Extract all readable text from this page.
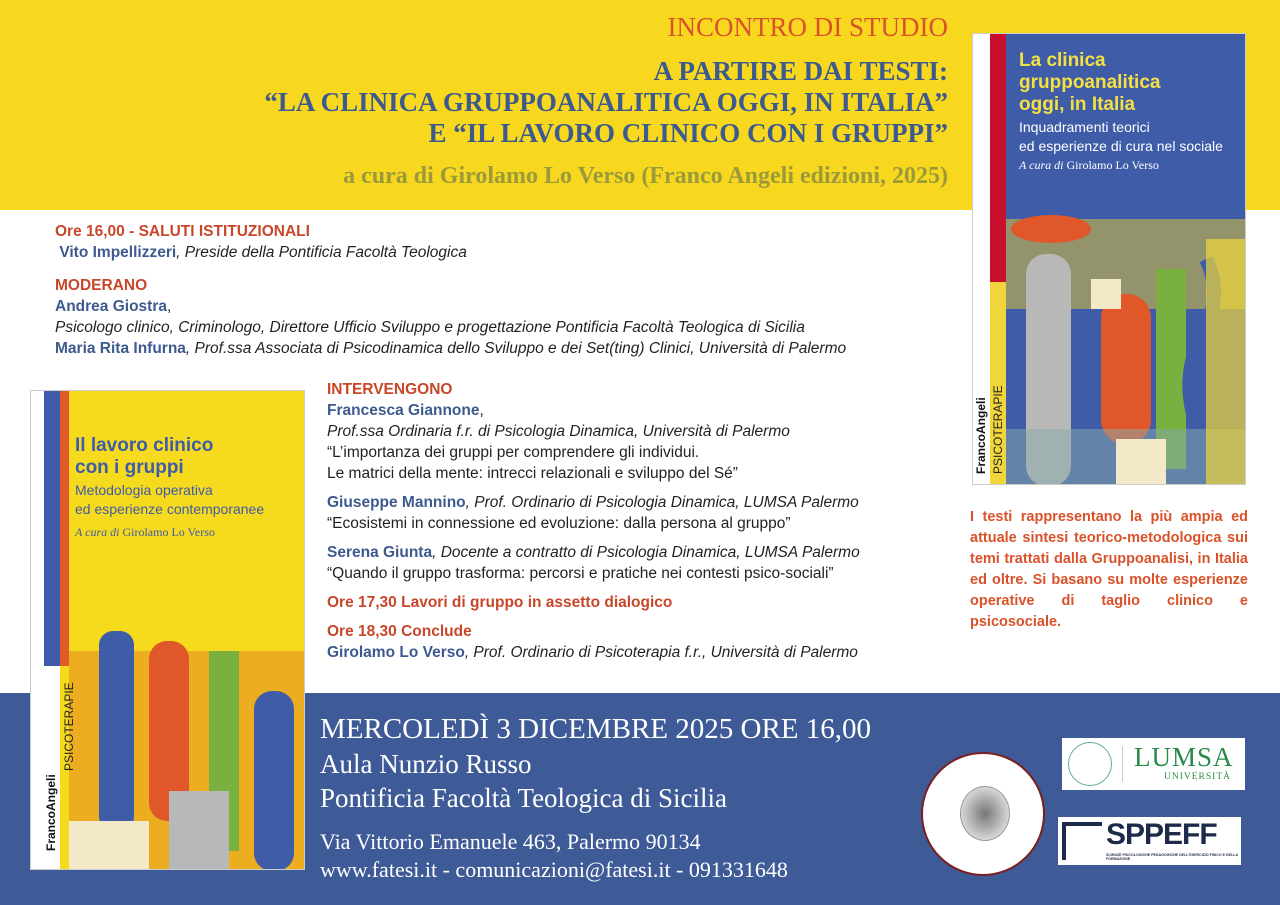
INCONTRO DI STUDIO
A PARTIRE DAI TESTI:
“LA CLINICA GRUPPOANALITICA OGGI, IN ITALIA”
E “IL LAVORO CLINICO CON I GRUPPI”
a cura di Girolamo Lo Verso (Franco Angeli edizioni, 2025)
Ore 16,00 - SALUTI ISTITUZIONALI
Vito Impellizzeri, Preside della Pontificia Facoltà Teologica
MODERANO
Andrea Giostra,
Psicologo clinico, Criminologo, Direttore Ufficio Sviluppo e progettazione Pontificia Facoltà Teologica di Sicilia
Maria Rita Infurna, Prof.ssa Associata di Psicodinamica dello Sviluppo e dei Set(ting) Clinici, Università di Palermo
INTERVENGONO
Francesca Giannone,
Prof.ssa Ordinaria f.r. di Psicologia Dinamica, Università di Palermo
“L’importanza dei gruppi per comprendere gli individui.
Le matrici della mente: intrecci relazionali e sviluppo del Sé”
Giuseppe Mannino, Prof. Ordinario di Psicologia Dinamica, LUMSA Palermo
“Ecosistemi in connessione ed evoluzione: dalla persona al gruppo”
Serena Giunta, Docente a contratto di Psicologia Dinamica, LUMSA Palermo
“Quando il gruppo trasforma: percorsi e pratiche nei contesti psico-sociali”
Ore 17,30 Lavori di gruppo in assetto dialogico
Ore 18,30 Conclude
Girolamo Lo Verso, Prof. Ordinario di Psicoterapia f.r., Università di Palermo
La clinica
gruppoanalitica
oggi, in Italia
Inquadramenti teorici
ed esperienze di cura nel sociale
A cura di Girolamo Lo Verso
PSICOTERAPIE
FrancoAngeli
Il lavoro clinico
con i gruppi
Metodologia operativa
ed esperienze contemporanee
A cura di Girolamo Lo Verso
PSICOTERAPIE
FrancoAngeli
I testi rappresentano la più ampia ed attuale sintesi teorico-metodologica sui temi trattati dalla Gruppoanalisi, in Italia ed oltre. Si basano su molte esperienze operative di taglio clinico e psicosociale.
MERCOLEDÌ 3 DICEMBRE 2025 ORE 16,00
Aula Nunzio Russo
Pontificia Facoltà Teologica di Sicilia
Via Vittorio Emanuele 463, Palermo 90134
www.fatesi.it - comunicazioni@fatesi.it - 091331648
LUMSA
UNIVERSITÀ
SPPEFF
SCIENZE PSICOLOGICHE PEDAGOGICHE DELL'ESERCIZIO FISICO E DELLA FORMAZIONE
